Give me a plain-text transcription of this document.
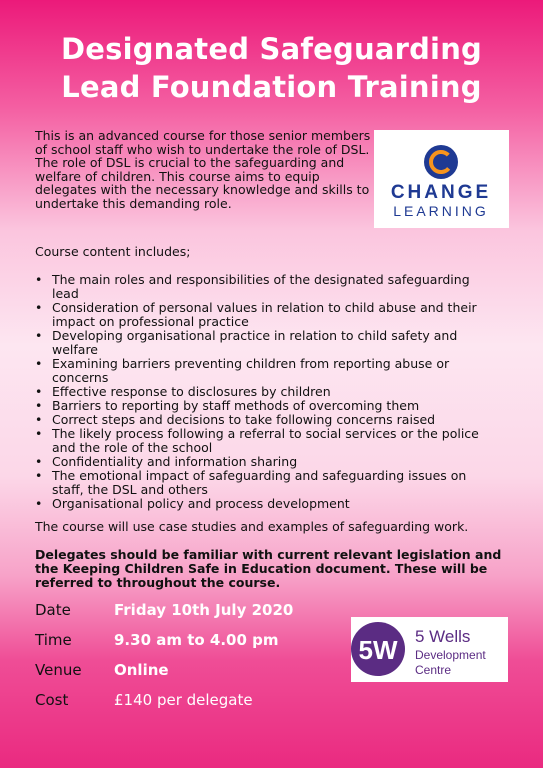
Designated Safeguarding
Lead Foundation Training
This is an advanced course for those senior members of school staff who wish to undertake the role of DSL. The role of DSL is crucial to the safeguarding and welfare of children. This course aims to equip delegates with the necessary knowledge and skills to undertake this demanding role.
CHANGE
LEARNING
Course content includes;
• The main roles and responsibilities of the designated safeguarding lead
• Consideration of personal values in relation to child abuse and their impact on professional practice
• Developing organisational practice in relation to child safety and welfare
• Examining barriers preventing children from reporting abuse or concerns
• Effective response to disclosures by children
• Barriers to reporting by staff methods of overcoming them
• Correct steps and decisions to take following concerns raised
• The likely process following a referral to social services or the police and the role of the school
• Confidentiality and information sharing
• The emotional impact of safeguarding and safeguarding issues on staff, the DSL and others
• Organisational policy and process development
The course will use case studies and examples of safeguarding work.
Delegates should be familiar with current relevant legislation and the Keeping Children Safe in Education document. These will be referred to throughout the course.
Date	Friday 10th July 2020
Time	9.30 am to 4.00 pm
Venue Online
Cost	£140 per delegate
5W 5 Wells
Development
Centre
